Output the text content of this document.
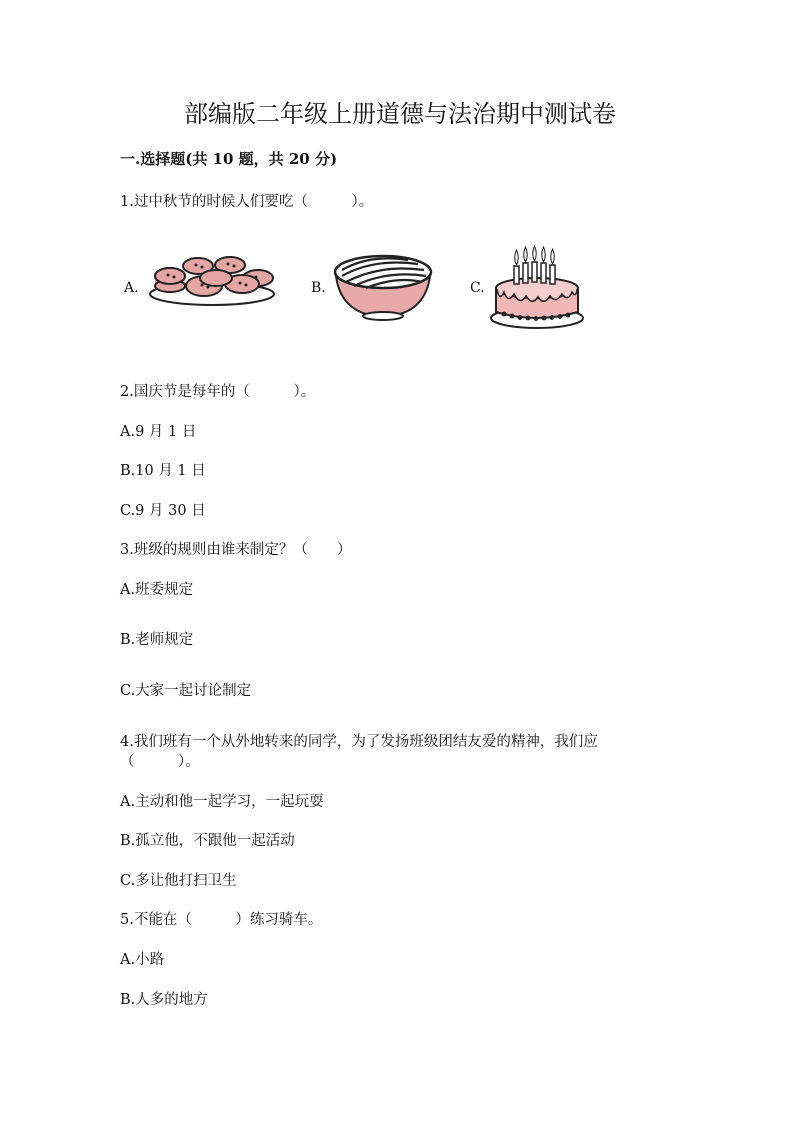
部编版二年级上册道德与法治期中测试卷
一.选择题(共 10 题，共 20 分)
1.过中秋节的时候人们要吃（　　　）。
A.	B.	C.
2.国庆节是每年的（　　　）。
A.9 月 1 日
B.10 月 1 日
C.9 月 30 日
3.班级的规则由谁来制定？（　　）
A.班委规定
B.老师规定
C.大家一起讨论制定
4.我们班有一个从外地转来的同学，为了发扬班级团结友爱的精神，我们应
（　　　）。
A.主动和他一起学习，一起玩耍
B.孤立他，不跟他一起活动
C.多让他打扫卫生
5.不能在（　　　）练习骑车。
A.小路
B.人多的地方
